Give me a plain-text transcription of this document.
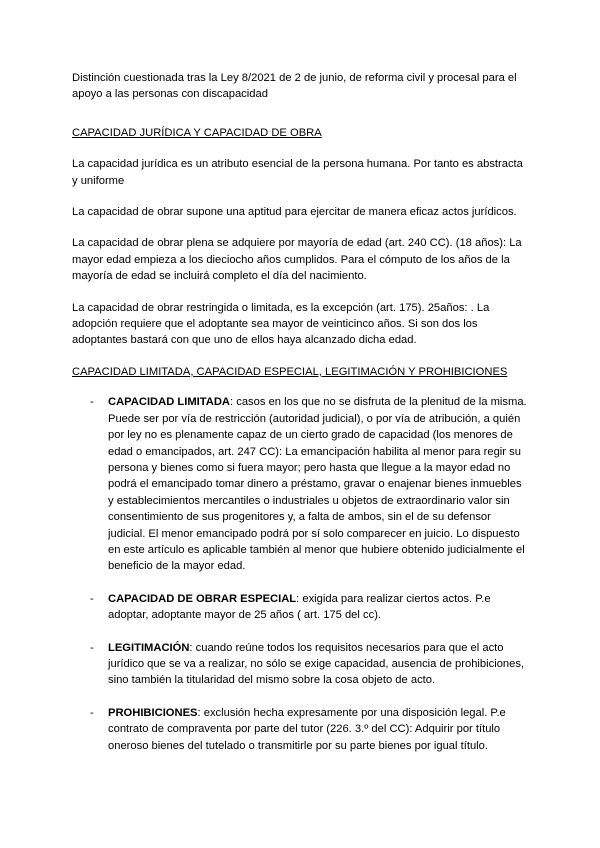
Distinción cuestionada tras la Ley 8/2021 de 2 de junio, de reforma civil y procesal para el apoyo a las personas con discapacidad

CAPACIDAD JURÍDICA Y CAPACIDAD DE OBRA

La capacidad jurídica es un atributo esencial de la persona humana. Por tanto es abstracta y uniforme

La capacidad de obrar supone una aptitud para ejercitar de manera eficaz actos jurídicos.

La capacidad de obrar plena se adquiere por mayoría de edad (art. 240 CC). (18 años): La mayor edad empieza a los dieciocho años cumplidos. Para el cómputo de los años de la mayoría de edad se incluirá completo el día del nacimiento.

La capacidad de obrar restringida o limitada, es la excepción (art. 175). 25años: . La adopción requiere que el adoptante sea mayor de veinticinco años. Si son dos los adoptantes bastará con que uno de ellos haya alcanzado dicha edad.

CAPACIDAD LIMITADA, CAPACIDAD ESPECIAL, LEGITIMACIÓN Y PROHIBICIONES

- CAPACIDAD LIMITADA: casos en los que no se disfruta de la plenitud de la misma. Puede ser por vía de restricción (autoridad judicial), o por vía de atribución, a quién por ley no es plenamente capaz de un cierto grado de capacidad (los menores de edad o emancipados, art. 247 CC): La emancipación habilita al menor para regir su persona y bienes como si fuera mayor; pero hasta que llegue a la mayor edad no podrá el emancipado tomar dinero a préstamo, gravar o enajenar bienes inmuebles y establecimientos mercantiles o industriales u objetos de extraordinario valor sin consentimiento de sus progenitores y, a falta de ambos, sin el de su defensor judicial. El menor emancipado podrá por sí solo comparecer en juicio. Lo dispuesto en este artículo es aplicable también al menor que hubiere obtenido judicialmente el beneficio de la mayor edad.
- CAPACIDAD DE OBRAR ESPECIAL: exigida para realizar ciertos actos. P.e adoptar, adoptante mayor de 25 años ( art. 175 del cc).
- LEGITIMACIÓN: cuando reúne todos los requisitos necesarios para que el acto jurídico que se va a realizar, no sólo se exige capacidad, ausencia de prohibiciones, sino también la titularidad del mismo sobre la cosa objeto de acto.
- PROHIBICIONES: exclusión hecha expresamente por una disposición legal. P.e contrato de compraventa por parte del tutor (226. 3.º del CC): Adquirir por título oneroso bienes del tutelado o transmitirle por su parte bienes por igual título.
